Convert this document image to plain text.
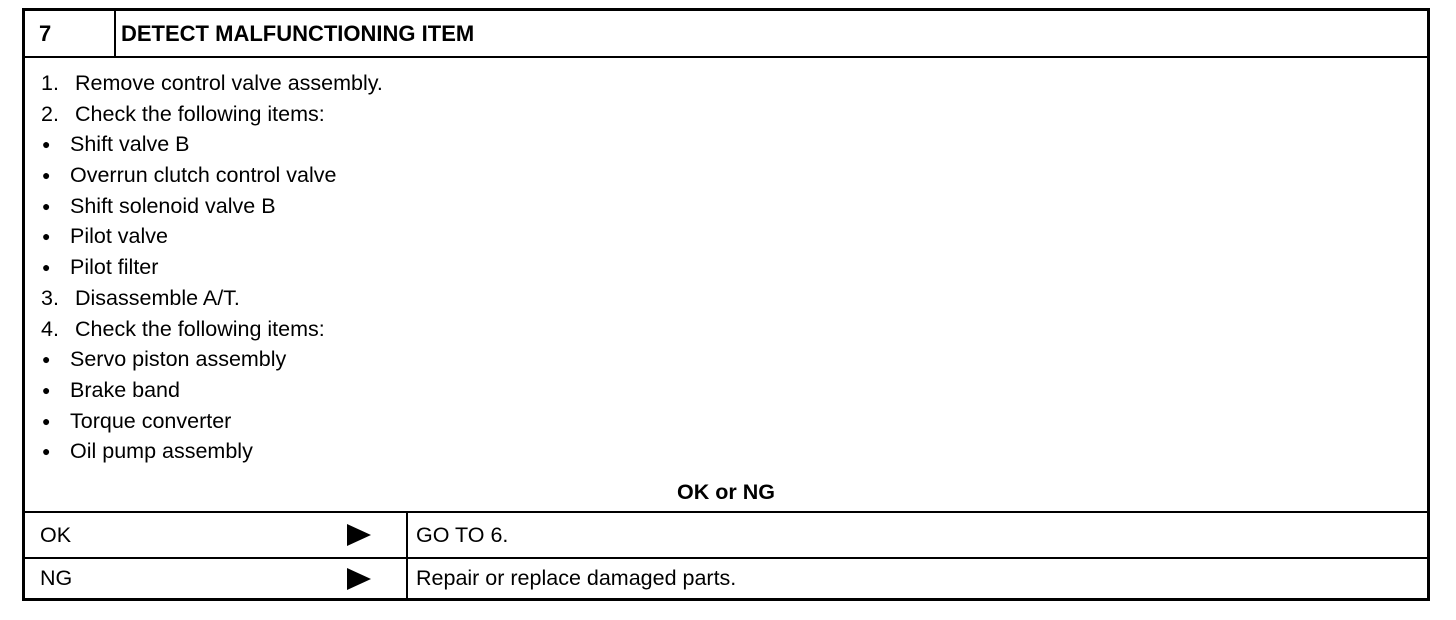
7	DETECT MALFUNCTIONING ITEM
1. Remove control valve assembly.
2. Check the following items:
● Shift valve B
● Overrun clutch control valve
● Shift solenoid valve B
● Pilot valve
● Pilot filter
3. Disassemble A/T.
4. Check the following items:
● Servo piston assembly
● Brake band
● Torque converter
● Oil pump assembly
OK or NG
OK	GO TO 6.
NG	Repair or replace damaged parts.
